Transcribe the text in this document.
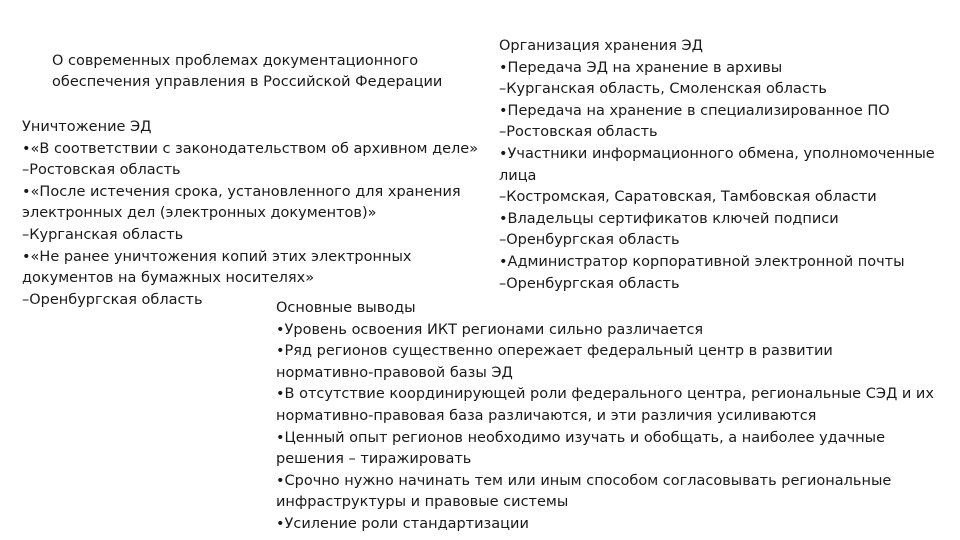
О современных проблемах документационного
обеспечения управления в Российской Федерации

Уничтожение ЭД

•«В соответствии с законодательством об архивном деле»

–Ростовская область

•«После истечения срока, установленного для хранения
электронных дел (электронных документов)»

–Курганская область

•«Не ранее уничтожения копий этих электронных
документов на бумажных носителях»

–Оренбургская область

Организация хранения ЭД

•Передача ЭД на хранение в архивы

–Курганская область, Смоленская область

•Передача на хранение в специализированное ПО

–Ростовская область

•Участники информационного обмена, уполномоченные
лица

–Костромская, Саратовская, Тамбовская области

•Владельцы сертификатов ключей подписи

–Оренбургская область

•Администратор корпоративной электронной почты

–Оренбургская область

Основные выводы

•Уровень освоения ИКТ регионами сильно различается

•Ряд регионов существенно опережает федеральный центр в развитии
нормативно-правовой базы ЭД

•В отсутствие координирующей роли федерального центра, региональные СЭД и их
нормативно-правовая база различаются, и эти различия усиливаются

•Ценный опыт регионов необходимо изучать и обобщать, а наиболее удачные
решения – тиражировать

•Срочно нужно начинать тем или иным способом согласовывать региональные
инфраструктуры и правовые системы

•Усиление роли стандартизации
